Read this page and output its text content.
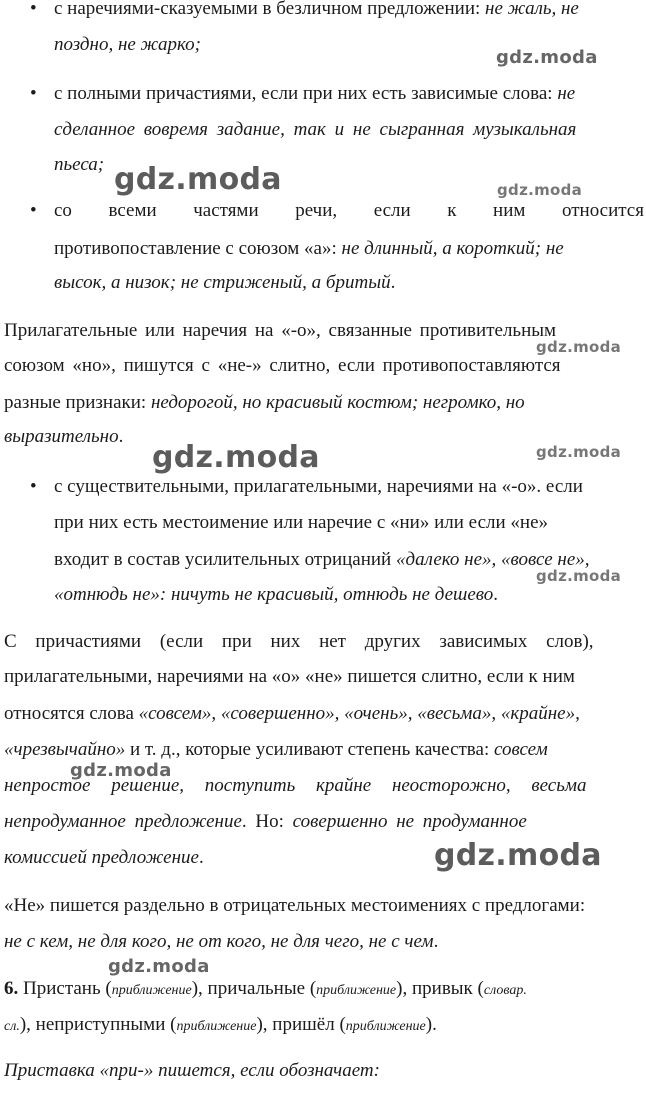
• с наречиями-сказуемыми в безличном предложении: не жаль, не
поздно, не жарко;
• с полными причастиями, если при них есть зависимые слова: не
сделанное вовремя задание, так и не сыгранная музыкальная
пьеса;
• со всеми частями речи, если к ним относится
противопоставление с союзом «а»: не длинный, а короткий; не
высок, а низок; не стриженый, а бритый.
Прилагательные или наречия на «-о», связанные противительным
союзом «но», пишутся с «не-» слитно, если противопоставляются
разные признаки: недорогой, но красивый костюм; негромко, но
выразительно.
• с существительными, прилагательными, наречиями на «-о». если
при них есть местоимение или наречие с «ни» или если «не»
входит в состав усилительных отрицаний «далеко не», «вовсе не»,
«отнюдь не»: ничуть не красивый, отнюдь не дешево.
С причастиями (если при них нет других зависимых слов),
прилагательными, наречиями на «о» «не» пишется слитно, если к ним
относятся слова «совсем», «совершенно», «очень», «весьма», «крайне»,
«чрезвычайно» и т. д., которые усиливают степень качества: совсем
непростое решение, поступить крайне неосторожно, весьма
непродуманное предложение. Но: совершенно не продуманное
комиссией предложение.
«Не» пишется раздельно в отрицательных местоимениях с предлогами:
не с кем, не для кого, не от кого, не для чего, не с чем.
6. Пристань (приближение), причальные (приближение), привык (словар.
сл.), неприступными (приближение), пришёл (приближение).
Приставка «при-» пишется, если обозначает:
gdz.moda
gdz.moda	gdz.moda
gdz.moda
gdz.moda	gdz.moda
gdz.moda
gdz.moda
gdz.moda
gdz.moda
